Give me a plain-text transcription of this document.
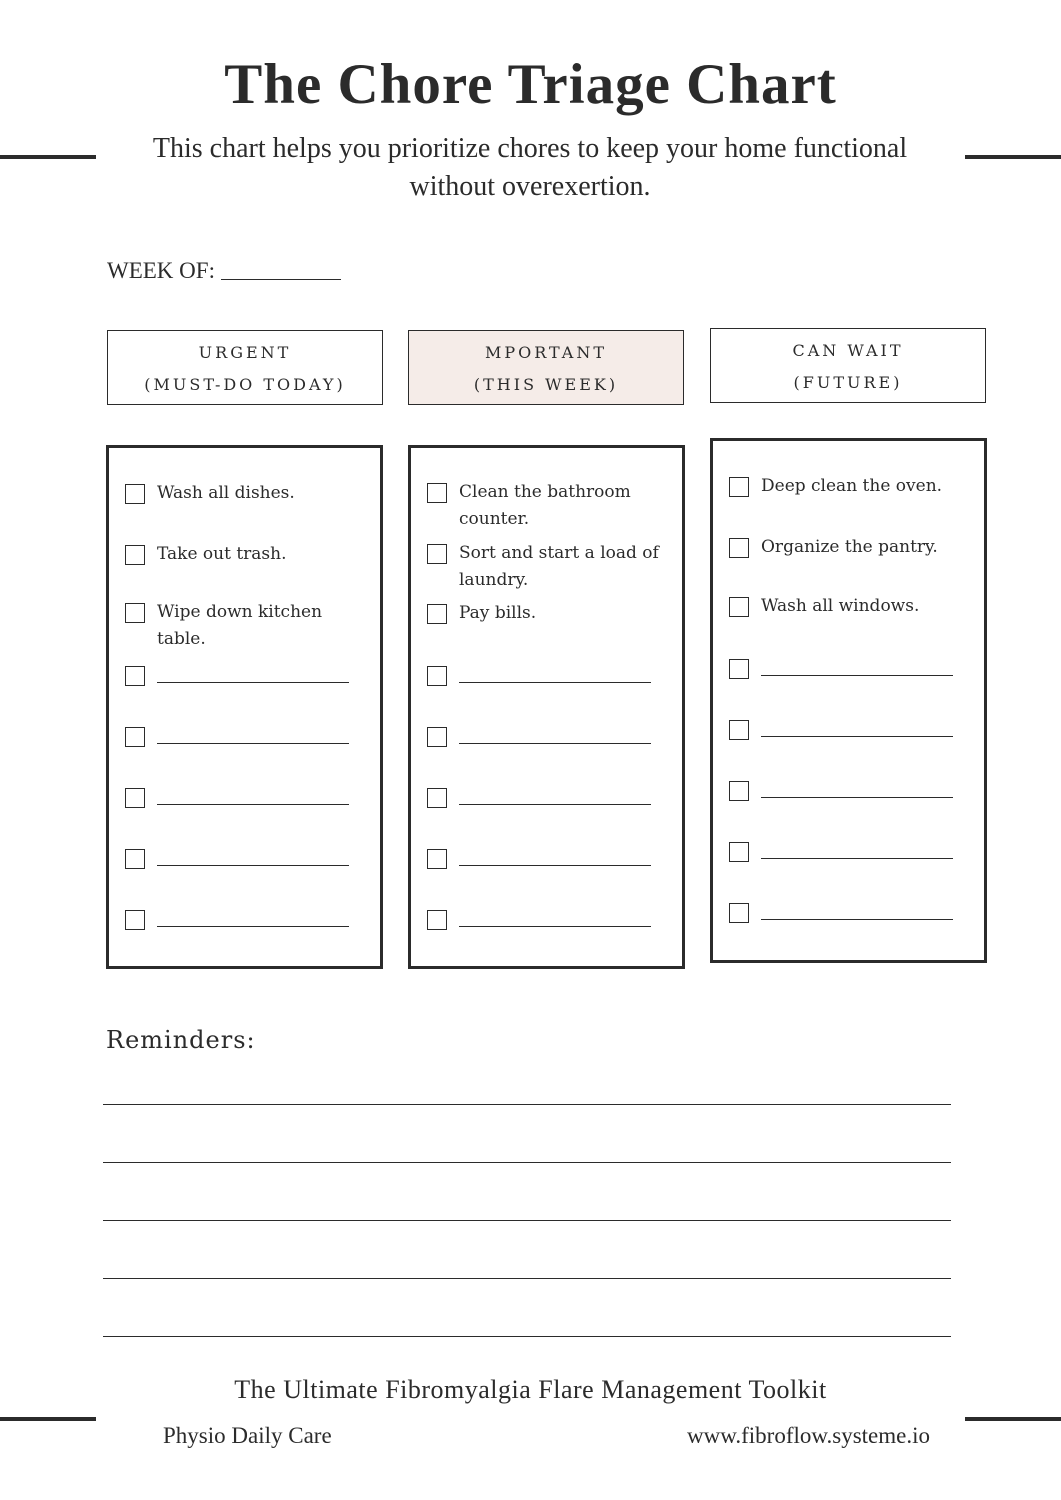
The Chore Triage Chart

This chart helps you prioritize chores to keep your home functional without overexertion.

WEEK OF:
URGENT
(MUST-DO TODAY)
MPORTANT
(THIS WEEK)
CAN WAIT
(FUTURE)
Wash all dishes.
Take out trash.
Wipe down kitchen table.
Clean the bathroom counter.
Sort and start a load of laundry.
Pay bills.
Deep clean the oven.
Organize the pantry.
Wash all windows.
Reminders:
The Ultimate Fibromyalgia Flare Management Toolkit
Physio Daily Care	www.fibroflow.systeme.io
